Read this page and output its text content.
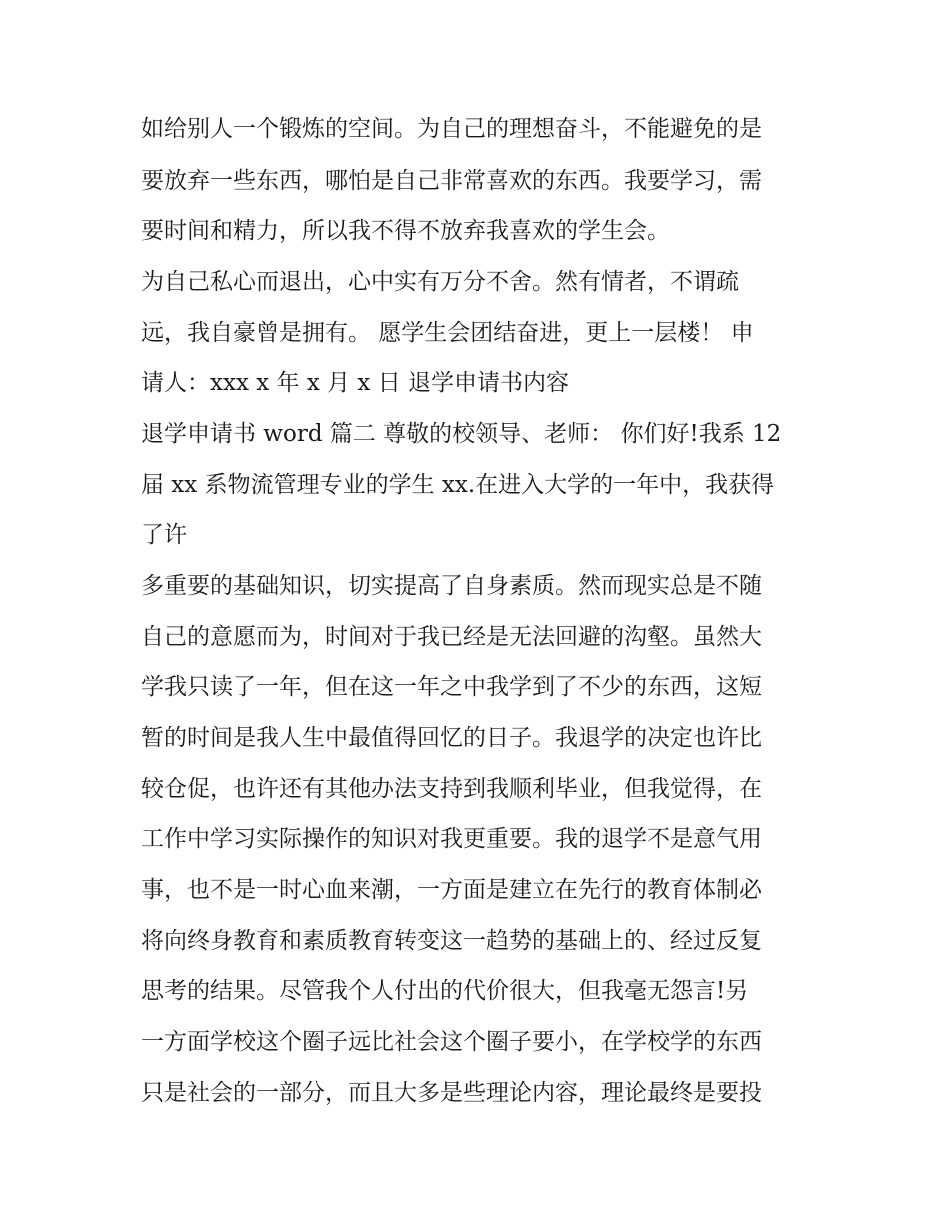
如给别人一个锻炼的空间。为自己的理想奋斗，不能避免的是
要放弃一些东西，哪怕是自己非常喜欢的东西。我要学习，需
要时间和精力，所以我不得不放弃我喜欢的学生会。
为自己私心而退出，心中实有万分不舍。然有情者，不谓疏
远，我自豪曾是拥有。 愿学生会团结奋进，更上一层楼！ 申
请人：xxx x 年 x 月 x 日 退学申请书内容
退学申请书 word 篇二 尊敬的校领导、老师： 你们好!我系 12
届 xx 系物流管理专业的学生 xx.在进入大学的一年中，我获得
了许
多重要的基础知识，切实提高了自身素质。然而现实总是不随
自己的意愿而为，时间对于我已经是无法回避的沟壑。虽然大
学我只读了一年，但在这一年之中我学到了不少的东西，这短
暂的时间是我人生中最值得回忆的日子。我退学的决定也许比
较仓促，也许还有其他办法支持到我顺利毕业，但我觉得，在
工作中学习实际操作的知识对我更重要。我的退学不是意气用
事，也不是一时心血来潮，一方面是建立在先行的教育体制必
将向终身教育和素质教育转变这一趋势的基础上的、经过反复
思考的结果。尽管我个人付出的代价很大，但我毫无怨言!另
一方面学校这个圈子远比社会这个圈子要小，在学校学的东西
只是社会的一部分，而且大多是些理论内容，理论最终是要投
